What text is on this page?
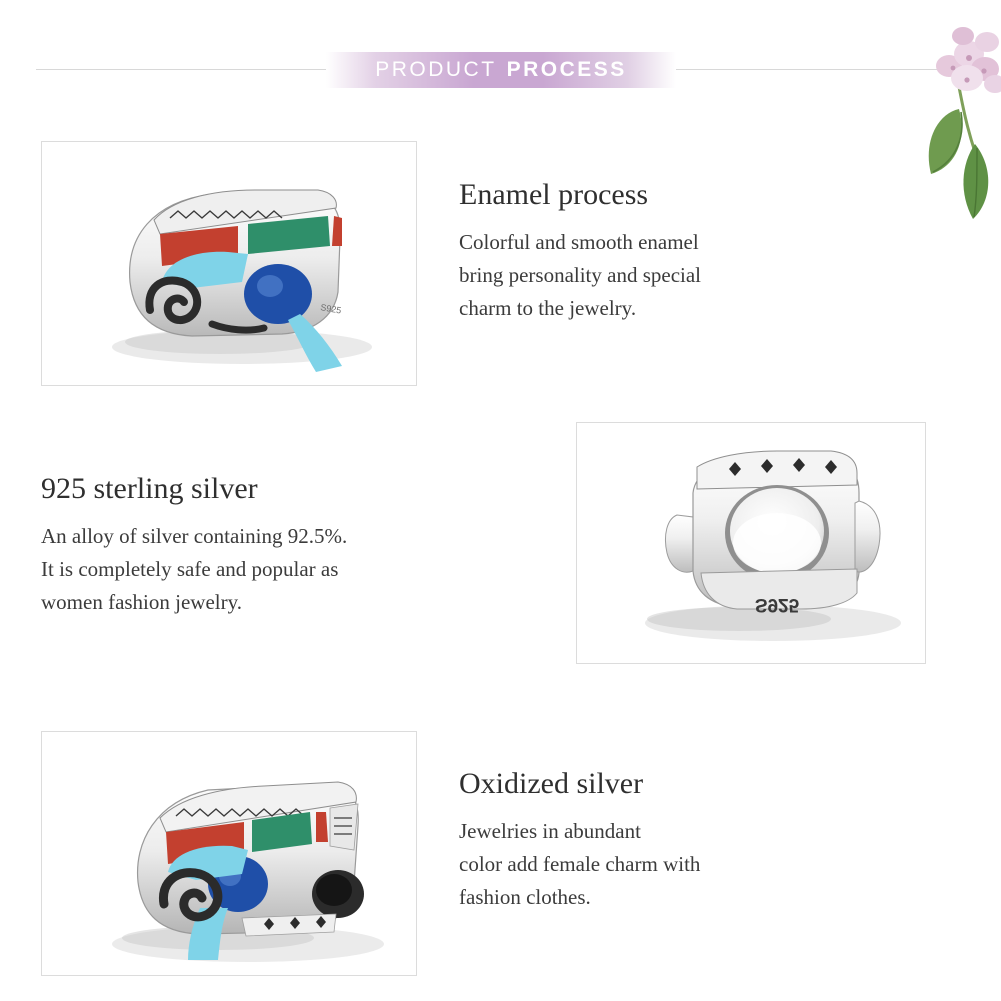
PRODUCT PROCESS
S925
Enamel process
Colorful and smooth enamel
bring personality and special
charm to the jewelry.
925 sterling silver
An alloy of silver containing 92.5%.
It is completely safe and popular as
women fashion jewelry.	S925
Oxidized silver
Jewelries in abundant
color add female charm with
fashion clothes.
